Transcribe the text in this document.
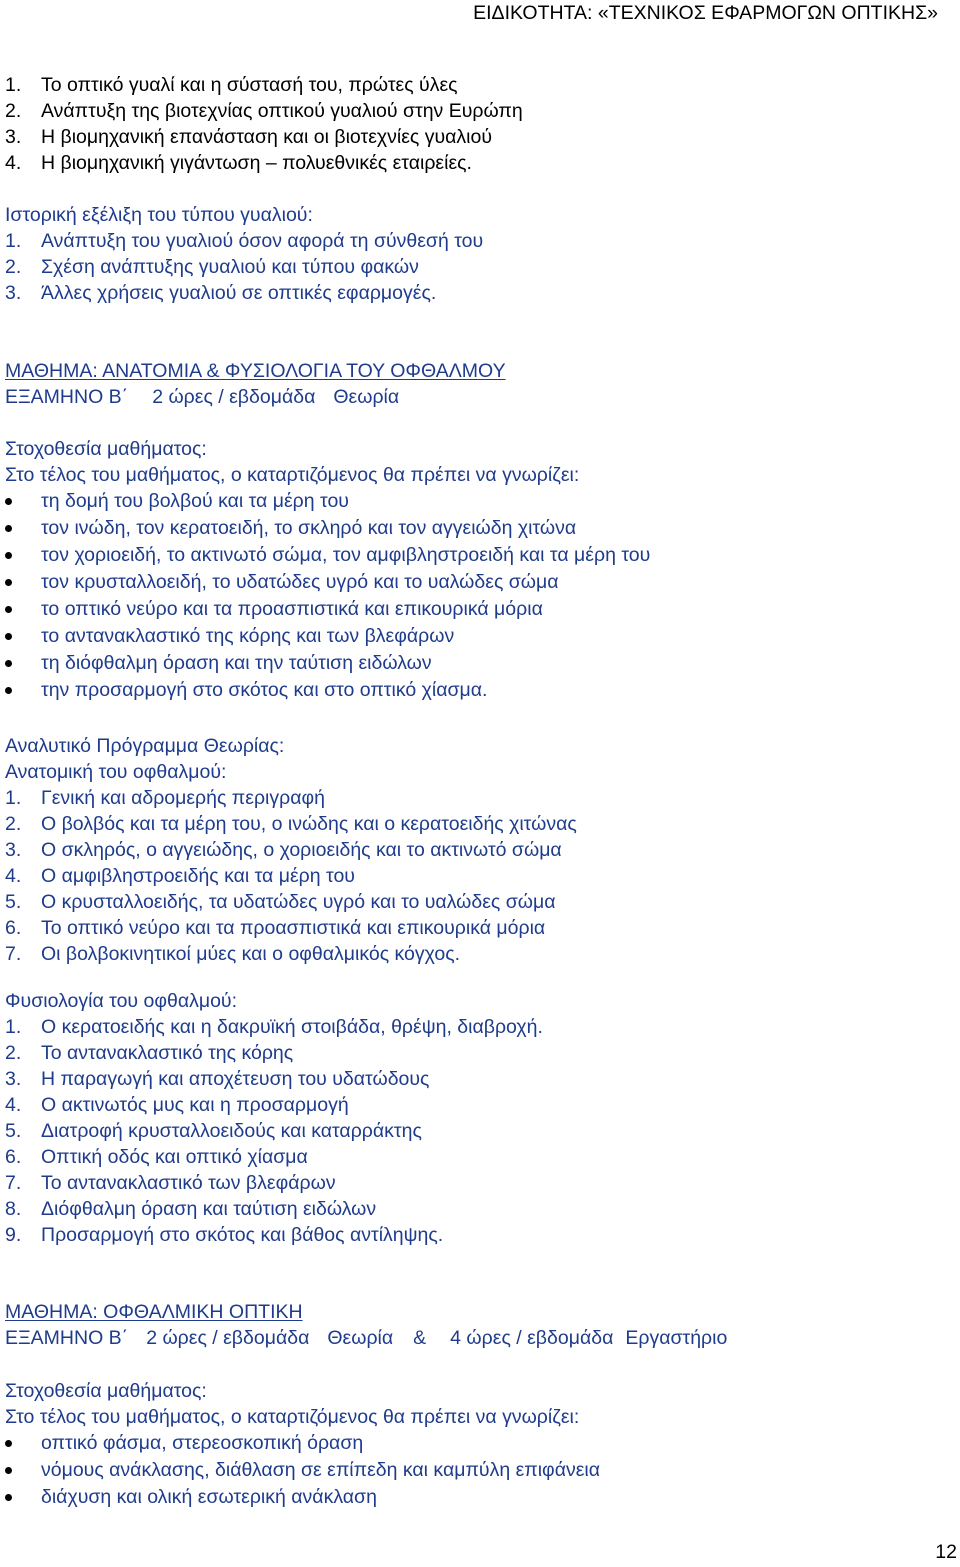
ΕΙΔΙΚΟΤΗΤΑ: «ΤΕΧΝΙΚΟΣ ΕΦΑΡΜΟΓΩΝ ΟΠΤΙΚΗΣ»
1. Το οπτικό γυαλί και η σύστασή του, πρώτες ύλες
2. Ανάπτυξη της βιοτεχνίας οπτικού γυαλιού στην Ευρώπη
3. Η βιομηχανική επανάσταση και οι βιοτεχνίες γυαλιού
4. Η βιομηχανική γιγάντωση – πολυεθνικές εταιρείες.
Ιστορική εξέλιξη του τύπου γυαλιού:
1. Ανάπτυξη του γυαλιού όσον αφορά τη σύνθεσή του
2. Σχέση ανάπτυξης γυαλιού και τύπου φακών
3. Άλλες χρήσεις γυαλιού σε οπτικές εφαρμογές.
ΜΑΘΗΜΑ: ΑΝΑΤΟΜΙΑ & ΦΥΣΙΟΛΟΓΙΑ ΤΟΥ ΟΦΘΑΛΜΟΥ
ΕΞΑΜΗΝΟ Β΄ 2 ώρες / εβδομάδα Θεωρία
Στοχοθεσία μαθήματος:
Στο τέλος του μαθήματος, ο καταρτιζόμενος θα πρέπει να γνωρίζει:
τη δομή του βολβού και τα μέρη του
τον ινώδη, τον κερατοειδή, το σκληρό και τον αγγειώδη χιτώνα
τον χοριοειδή, το ακτινωτό σώμα, τον αμφιβληστροειδή και τα μέρη του
τον κρυσταλλοειδή, το υδατώδες υγρό και το υαλώδες σώμα
το οπτικό νεύρο και τα προασπιστικά και επικουρικά μόρια
το αντανακλαστικό της κόρης και των βλεφάρων
τη διόφθαλμη όραση και την ταύτιση ειδώλων
την προσαρμογή στο σκότος και στο οπτικό χίασμα.
Αναλυτικό Πρόγραμμα Θεωρίας:
Ανατομική του οφθαλμού:
1. Γενική και αδρομερής περιγραφή
2. Ο βολβός και τα μέρη του, ο ινώδης και ο κερατοειδής χιτώνας
3. Ο σκληρός, ο αγγειώδης, ο χοριοειδής και το ακτινωτό σώμα
4. Ο αμφιβληστροειδής και τα μέρη του
5. Ο κρυσταλλοειδής, τα υδατώδες υγρό και το υαλώδες σώμα
6. Το οπτικό νεύρο και τα προασπιστικά και επικουρικά μόρια
7. Οι βολβοκινητικοί μύες και ο οφθαλμικός κόγχος.
Φυσιολογία του οφθαλμού:
1. Ο κερατοειδής και η δακρυϊκή στοιβάδα, θρέψη, διαβροχή.
2. Το αντανακλαστικό της κόρης
3. Η παραγωγή και αποχέτευση του υδατώδους
4. Ο ακτινωτός μυς και η προσαρμογή
5. Διατροφή κρυσταλλοειδούς και καταρράκτης
6. Οπτική οδός και οπτικό χίασμα
7. Το αντανακλαστικό των βλεφάρων
8. Διόφθαλμη όραση και ταύτιση ειδώλων
9. Προσαρμογή στο σκότος και βάθος αντίληψης.
ΜΑΘΗΜΑ: ΟΦΘΑΛΜΙΚΗ ΟΠΤΙΚΗ
ΕΞΑΜΗΝΟ Β΄ 2 ώρες / εβδομάδα Θεωρία & 4 ώρες / εβδομάδα Εργαστήριο
Στοχοθεσία μαθήματος:
Στο τέλος του μαθήματος, ο καταρτιζόμενος θα πρέπει να γνωρίζει:
οπτικό φάσμα, στερεοσκοπική όραση
νόμους ανάκλασης, διάθλαση σε επίπεδη και καμπύλη επιφάνεια
διάχυση και ολική εσωτερική ανάκλαση
12
